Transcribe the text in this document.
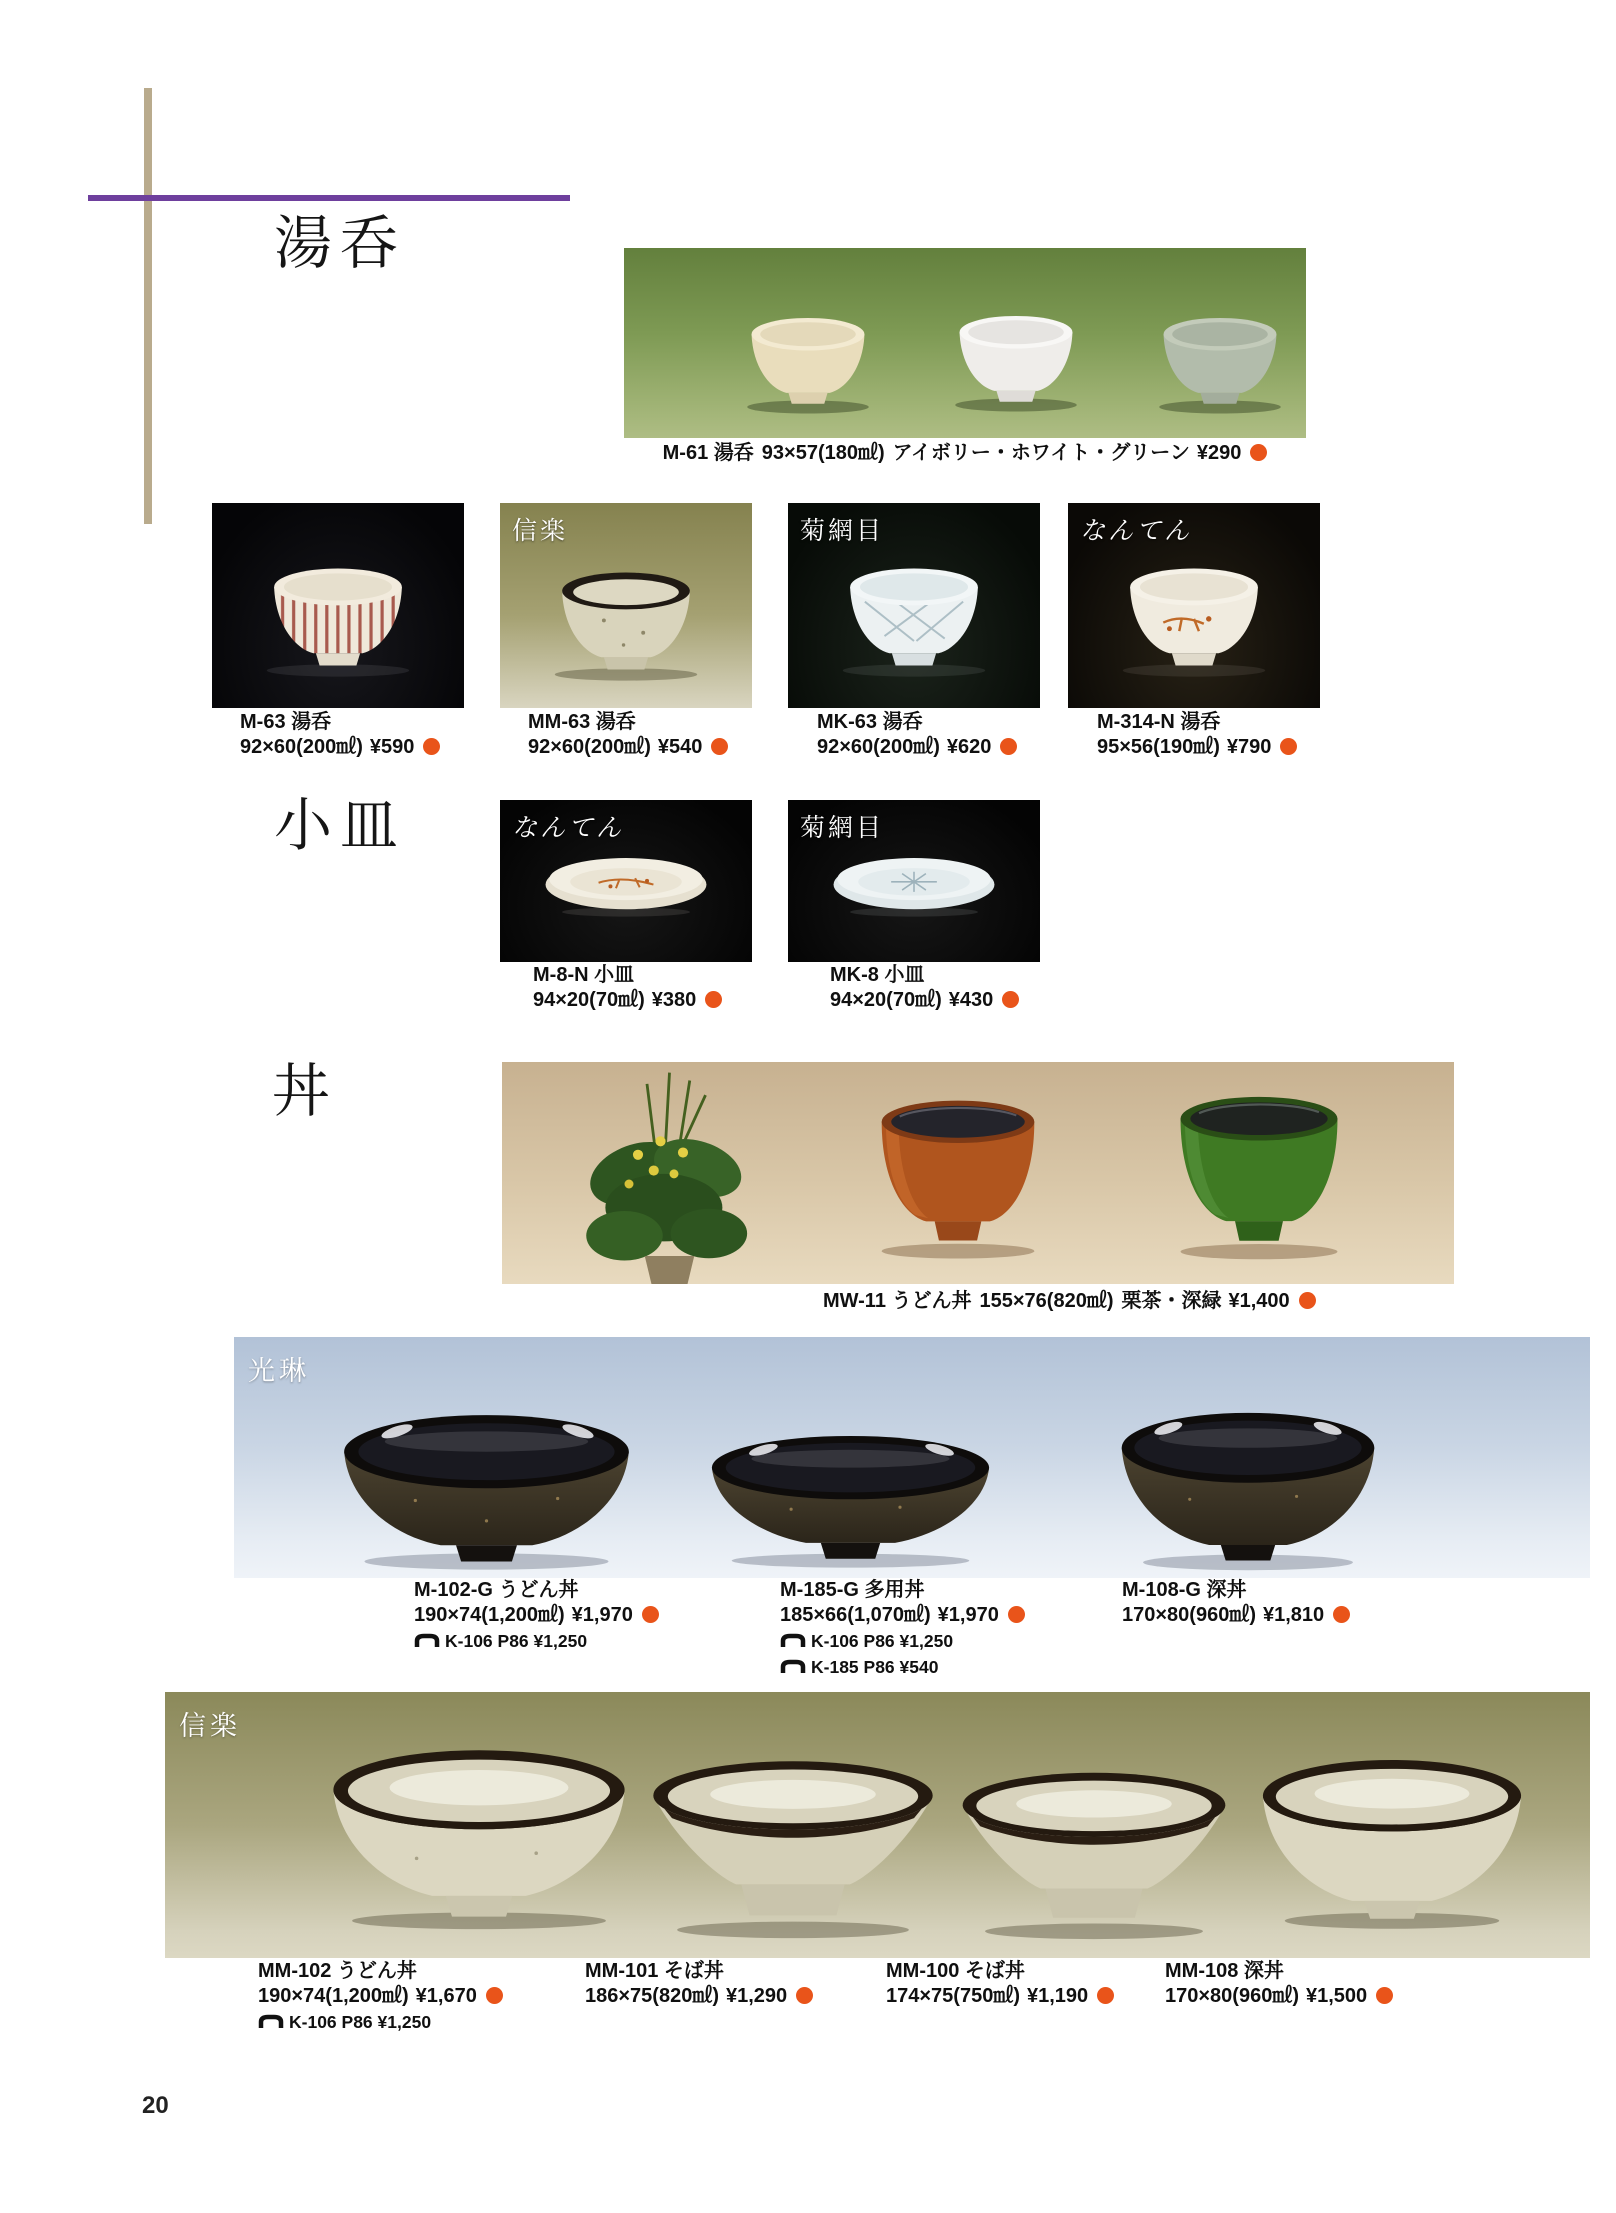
湯呑
M-61 湯呑 93×57(180㎖) アイボリー・ホワイト・グリーン ¥290
信楽	菊網目	なんてん
M-63 湯呑
92×60(200㎖) ¥590
MM-63 湯呑
92×60(200㎖) ¥540
MK-63 湯呑
92×60(200㎖) ¥620
M-314-N 湯呑
95×56(190㎖) ¥790
小皿	なんてん	菊網目
M-8-N 小皿
94×20(70㎖) ¥380
MK-8 小皿
94×20(70㎖) ¥430
丼
MW-11 うどん丼 155×76(820㎖) 栗茶・深緑 ¥1,400
光琳
M-102-G うどん丼
190×74(1,200㎖) ¥1,970
K-106 P86 ¥1,250
M-185-G 多用丼
185×66(1,070㎖) ¥1,970
K-106 P86 ¥1,250
K-185 P86 ¥540
M-108-G 深丼
170×80(960㎖) ¥1,810
信楽
MM-102 うどん丼
190×74(1,200㎖) ¥1,670
K-106 P86 ¥1,250
MM-101 そば丼
186×75(820㎖) ¥1,290
MM-100 そば丼
174×75(750㎖) ¥1,190
MM-108 深丼
170×80(960㎖) ¥1,500
20
